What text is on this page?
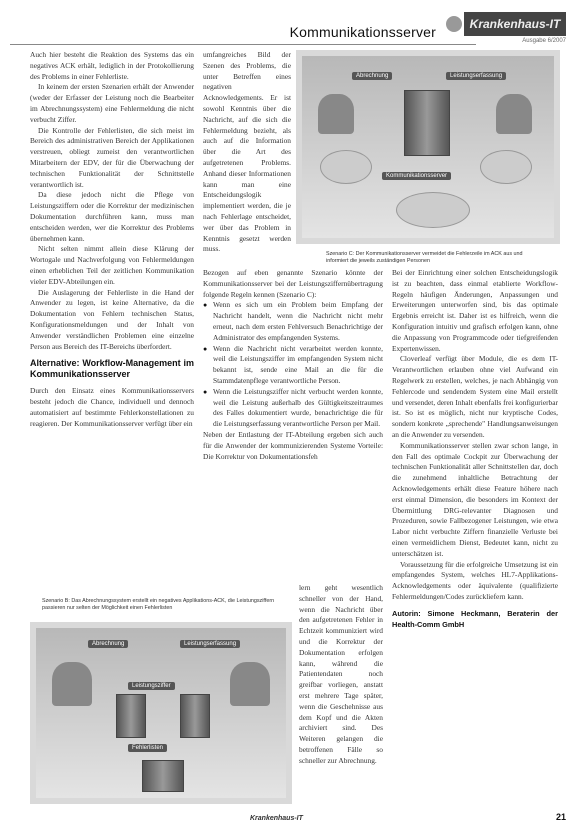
Kommunikationsserver	Krankenhaus-IT
Ausgabe 6/2007

Auch hier besteht die Reaktion des Systems das ein negatives ACK erhält, lediglich in der Protokollierung des Problems in einer Fehlerliste.

In keinem der ersten Szenarien erhält der Anwender (weder der Erfasser der Leistung noch die Bearbeiter im Abrechnungssystem) eine Fehlermeldung die nicht verbucht Ziffer.

Die Kontrolle der Fehlerlisten, die sich meist im Bereich des administrativen Bereich der Applikationen verstreuen, obliegt zumeist den verantwortlichen Mitarbeitern der EDV, der für die Überwachung der technischen Funktionalität der Schnittstelle verantwortlich ist.

Da diese jedoch nicht die Pflege von Leistungsziffern oder die Korrektur der medizinischen Dokumentation durchführen kann, muss man entscheiden werden, wer die Korrektur des Problems übernehmen kann.

Nicht selten nimmt allein diese Klärung der Wortogale und Nachverfolgung von Fehlermeldungen einen erheblichen Teil der zeitlichen Kommunikation vieler EDV-Abteilungen ein.

Die Auslagerung der Fehlerliste in die Hand der Anwender zu legen, ist keine Alternative, da die Dokumentation von Fehlern technischen Status, Konfigurationsmeldungen und der Inhalt von Anwender verständlichen Problemen eine einzelne Person aus Bereich des IT-Bereichs überfordert.

Alternative: Workflow-Management im Kommunikationsserver

Durch den Einsatz eines Kommunikationsservers besteht jedoch die Chance, individuell und dennoch automatisiert auf bestimmte Fehlerkonstellationen zu reagieren. Der Kommunikationsserver verfügt über ein

umfangreiches Bild der Szenen des Problems, die unter Betreffen eines negativen Acknowledgements. Er ist sowohl Kenntnis über die Nachricht, auf die sich die Fehlermeldung bezieht, als auch auf die Information über die Art des aufgetretenen Problems. Anhand dieser Informationen kann man eine Entscheidungslogik implementiert werden, die je nach Fehlerlage entscheidet, wer über das Problem in Kenntnis gesetzt werden muss.

Abrechnung	Leistungserfassung
Kommunikationsserver
Szenario C: Der Kommunikationsserver vermeidet die Fehlerzeile im ACK aus und informiert die jeweils zuständigen Personen

Bezogen auf eben genannte Szenario könnte der Kommunikationsserver bei der Leistungsziffernübertragung folgende Regeln kennen (Szenario C):

● Wenn es sich um ein Problem beim Empfang der Nachricht handelt, wenn die Nachricht nicht mehr erneut, nach dem ersten Fehlversuch Benachrichtige der Administrator des empfangenden Systems.

● Wenn die Nachricht nicht verarbeitet werden konnte, weil die Leistungsziffer im empfangenden System nicht bekannt ist, sende eine Mail an die für die Stammdatenpflege verantwortliche Person.

● Wenn die Leistungsziffer nicht verbucht werden konnte, weil die Leistung außerhalb des Gültigkeitszeitraumes des Falles dokumentiert wurde, benachrichtige die für die Leistungserfassung verantwortliche Person per Mail.

Neben der Entlastung der IT-Abteilung ergeben sich auch für die Anwender der kommunizierenden Systeme Vorteile: Die Korrektur von Dokumentationsfeh

lern geht wesentlich schneller von der Hand, wenn die Nachricht über den aufgetretenen Fehler in Echtzeit kommuniziert wird und die Korrektur der Dokumentation erfolgen kann, während die Patientendaten noch greifbar vorliegen, anstatt erst mehrere Tage später, wenn die Geschehnisse aus dem Kopf und die Akten archiviert sind. Des Weiteren gelangen die betroffenen Fälle so schneller zur Abrechnung.

Szenario B: Das Abrechnungssystem erstellt ein negatives Applikations-ACK, die Leistungsziffern passieren nur selten der Möglichkeit einen Fehlerlisten
Abrechnung	Leistungserfassung
Leistungsziffer
Fehlerlisten

Bei der Einrichtung einer solchen Entscheidungslogik ist zu beachten, dass einmal etablierte Workflow-Regeln häufigen Änderungen, Anpassungen und Erweiterungen unterworfen sind, bis das optimale Ergebnis erreicht ist. Daher ist es hilfreich, wenn die Konfiguration intuitiv und grafisch erfolgen kann, ohne die Anpassung von Programmcode oder tiefgreifenden Expertenwissen.

Cloverleaf verfügt über Module, die es dem IT-Verantwortlichen erlauben ohne viel Aufwand ein Regelwerk zu erstellen, welches, je nach Abhängig von Fehlercode und sendendem System eine Mail erstellt und versendet, deren Inhalt ebenfalls frei konfigurierbar ist. So ist es möglich, nicht nur kryptische Codes, sondern konkrete „sprechende" Handlungsanweisungen an die Anwender zu versenden.

Kommunikationsserver stellen zwar schon lange, in den Fall des optimale Cockpit zur Überwachung der technischen Funktionalität aller Schnittstellen dar, doch die zunehmend inhaltliche Betrachtung der Acknowledgements erhält diese Feature höhere nach erst einmal Dimension, die besonders im Kontext der Übermittlung DRG-relevanter Diagnosen und Prozeduren, sowie Fallbezogener Leistungen, wie etwa Labor nicht verbuchte Ziffern finanzielle Verluste bei einen vermeidlichem Dienst, Bedeutet kann, nicht zu unterschätzen ist.

Voraussetzung für die erfolgreiche Umsetzung ist ein empfangendes System, welches HL7-Applikations-Acknowledgements oder äquivalente (qualifizierte Fehlermeldungen/Codes zurückliefern kann.

Autorin: Simone Heckmann, Beraterin der Health-Comm GmbH

Krankenhaus-IT	21
